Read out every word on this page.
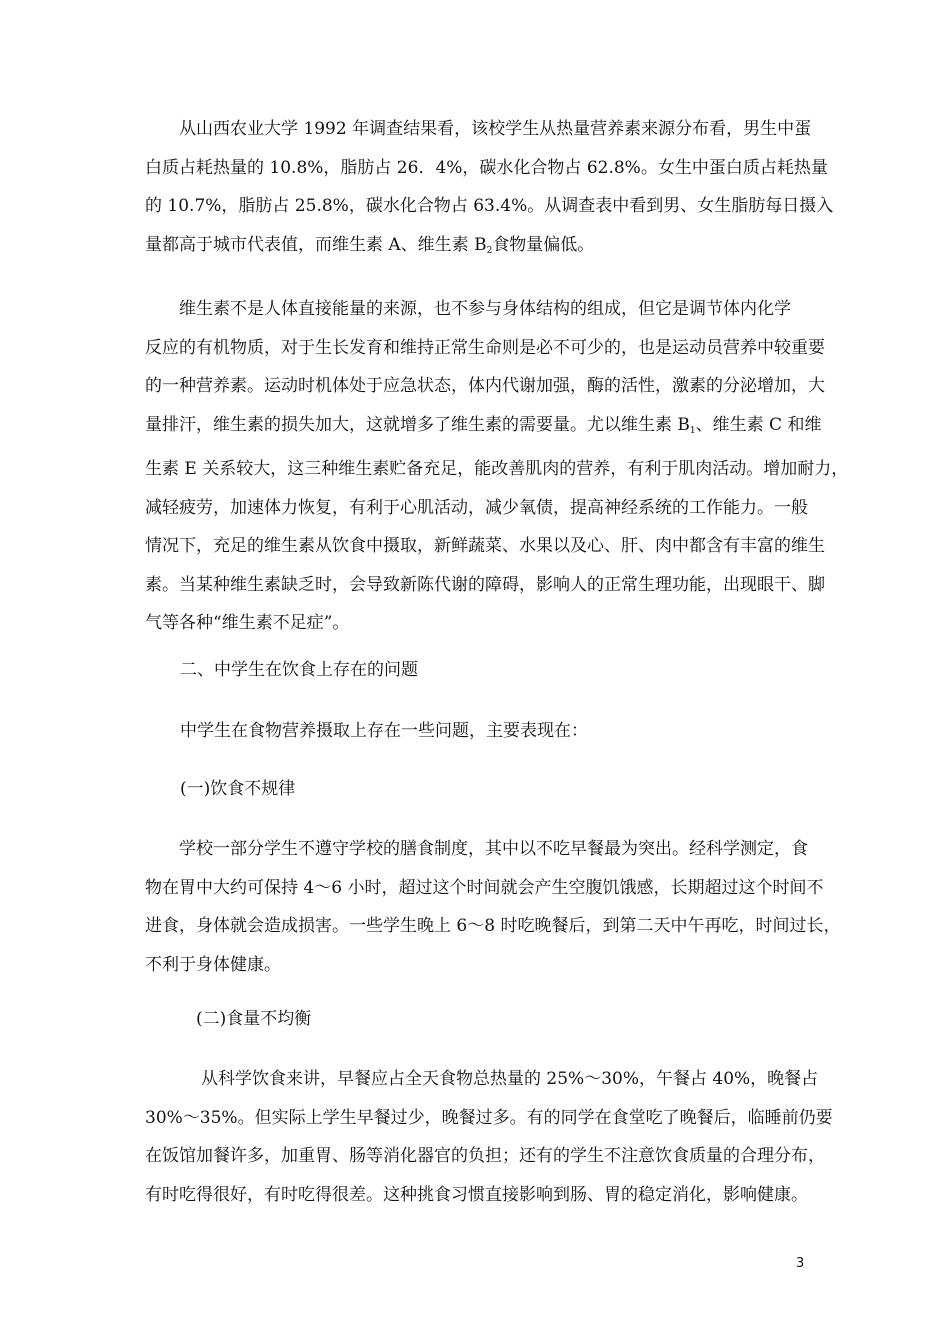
从山西农业大学 1992 年调查结果看，该校学生从热量营养素来源分布看，男生中蛋
白质占耗热量的 10.8%，脂肪占 26．4%，碳水化合物占 62.8%。女生中蛋白质占耗热量
的 10.7%，脂肪占 25.8%，碳水化合物占 63.4%。从调查表中看到男、女生脂肪每日摄入
量都高于城市代表值，而维生素 A、维生素 $B_2$食物量偏低。
维生素不是人体直接能量的来源，也不参与身体结构的组成，但它是调节体内化学
反应的有机物质，对于生长发育和维持正常生命则是必不可少的，也是运动员营养中较重要
的一种营养素。运动时机体处于应急状态，体内代谢加强，酶的活性，激素的分泌增加，大
量排汗，维生素的损失加大，这就增多了维生素的需要量。尤以维生素 $B_1$、维生素 C 和维
生素 E 关系较大，这三种维生素贮备充足，能改善肌肉的营养，有利于肌肉活动。增加耐力，
减轻疲劳，加速体力恢复，有利于心肌活动，减少氧债，提高神经系统的工作能力。一般
情况下，充足的维生素从饮食中摄取，新鲜蔬菜、水果以及心、肝、肉中都含有丰富的维生
素。当某种维生素缺乏时，会导致新陈代谢的障碍，影响人的正常生理功能，出现眼干、脚
气等各种“维生素不足症”。

二、中学生在饮食上存在的问题

中学生在食物营养摄取上存在一些问题，主要表现在：

(一)饮食不规律

学校一部分学生不遵守学校的膳食制度，其中以不吃早餐最为突出。经科学测定，食
物在胃中大约可保持 4～6 小时，超过这个时间就会产生空腹饥饿感，长期超过这个时间不
进食，身体就会造成损害。一些学生晚上 6～8 时吃晚餐后，到第二天中午再吃，时间过长，
不利于身体健康。

(二)食量不均衡

从科学饮食来讲，早餐应占全天食物总热量的 25%～30%，午餐占 40%，晚餐占
30%～35%。但实际上学生早餐过少，晚餐过多。有的同学在食堂吃了晚餐后，临睡前仍要
在饭馆加餐许多，加重胃、肠等消化器官的负担；还有的学生不注意饮食质量的合理分布，
有时吃得很好，有时吃得很差。这种挑食习惯直接影响到肠、胃的稳定消化，影响健康。
3
